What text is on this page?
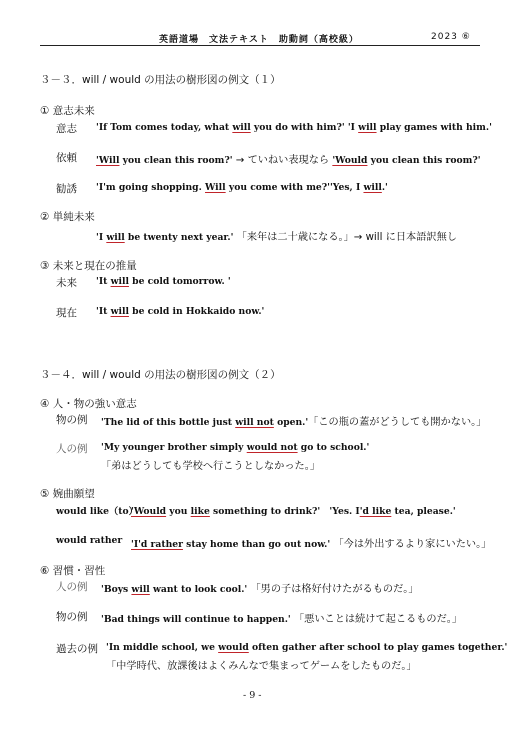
英語道場　文法テキスト　助動詞（高校級）	2023 ⑥
３－３．will / would の用法の樹形図の例文（１）
① 意志未来
意志 'If Tom comes today, what will you do with him?' 'I will play games with him.'
依頼 'Will you clean this room?' → ていねい表現なら 'Would you clean this room?'
勧誘 'I'm going shopping. Will you come with me?''Yes, I will.'
② 単純未来
'I will be twenty next year.' 「来年は二十歳になる。」→ will に日本語訳無し
③ 未来と現在の推量
未来 'It will be cold tomorrow. '
現在 'It will be cold in Hokkaido now.'
３－４．will / would の用法の樹形図の例文（２）
④ 人・物の強い意志
物の例 'The lid of this bottle just will not open.'「この瓶の蓋がどうしても開かない。」
人の例 'My younger brother simply would not go to school.'
「弟はどうしても学校へ行こうとしなかった。」
⑤ 婉曲願望
would like（to）
'Would you like something to drink?'　'Yes. I'd like tea, please.'
would rather 'I'd rather stay home than go out now.' 「今は外出するより家にいたい。」
⑥ 習慣・習性
人の例 'Boys will want to look cool.' 「男の子は格好付けたがるものだ。」
物の例 'Bad things will continue to happen.' 「悪いことは続けて起こるものだ。」
過去の例 'In middle school, we would often gather after school to play games together.'
「中学時代、放課後はよくみんなで集まってゲームをしたものだ。」
- 9 -
